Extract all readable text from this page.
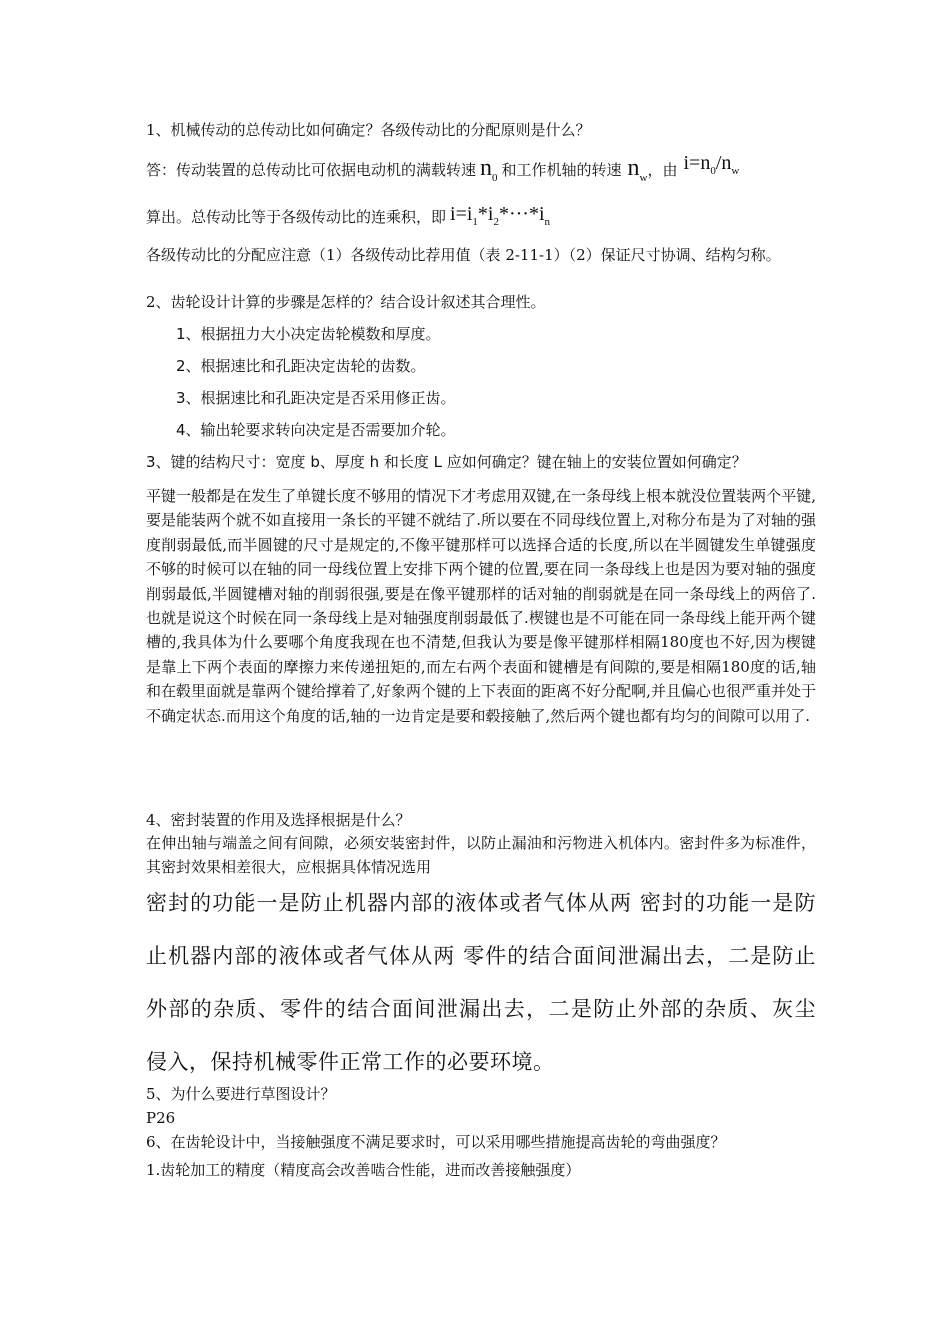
1、机械传动的总传动比如何确定？各级传动比的分配原则是什么？
答：传动装置的总传动比可依据电动机的满载转速 $n_0$ 和工作机轴的转速 $n_w$，由 $i=n_0/n_w$
算出。总传动比等于各级传动比的连乘积，即 $i=i_1*i_2*\cdot\cdot\cdot*i_n$
各级传动比的分配应注意（1）各级传动比荐用值（表 2-11-1）（2）保证尺寸协调、结构匀称。
2、齿轮设计计算的步骤是怎样的？结合设计叙述其合理性。
1、根据扭力大小决定齿轮模数和厚度。
2、根据速比和孔距决定齿轮的齿数。
3、根据速比和孔距决定是否采用修正齿。
4、输出轮要求转向决定是否需要加介轮。
3、键的结构尺寸：宽度 b、厚度 h 和长度 L 应如何确定？键在轴上的安装位置如何确定？
平键一般都是在发生了单键长度不够用的情况下才考虑用双键,在一条母线上根本就没位置装两个平键,要是能装两个就不如直接用一条长的平键不就结了.所以要在不同母线位置上,对称分布是为了对轴的强度削弱最低,而半圆键的尺寸是规定的,不像平键那样可以选择合适的长度,所以在半圆键发生单键强度不够的时候可以在轴的同一母线位置上安排下两个键的位置,要在同一条母线上也是因为要对轴的强度削弱最低,半圆键槽对轴的削弱很强,要是在像平键那样的话对轴的削弱就是在同一条母线上的两倍了.也就是说这个时候在同一条母线上是对轴强度削弱最低了.楔键也是不可能在同一条母线上能开两个键槽的,我具体为什么要哪个角度我现在也不清楚,但我认为要是像平键那样相隔180度也不好,因为楔键是靠上下两个表面的摩擦力来传递扭矩的,而左右两个表面和键槽是有间隙的,要是相隔180度的话,轴和在毂里面就是靠两个键给撑着了,好象两个键的上下表面的距离不好分配啊,并且偏心也很严重并处于不确定状态.而用这个角度的话,轴的一边肯定是要和毂接触了,然后两个键也都有均匀的间隙可以用了.
4、密封装置的作用及选择根据是什么？
在伸出轴与端盖之间有间隙，必须安装密封件，以防止漏油和污物进入机体内。密封件多为标准件，其密封效果相差很大，应根据具体情况选用
密封的功能一是防止机器内部的液体或者气体从两 密封的功能一是防止机器内部的液体或者气体从两 零件的结合面间泄漏出去，二是防止外部的杂质、零件的结合面间泄漏出去，二是防止外部的杂质、灰尘 侵入，保持机械零件正常工作的必要环境。
5、为什么要进行草图设计？
P26
6、在齿轮设计中，当接触强度不满足要求时，可以采用哪些措施提高齿轮的弯曲强度？
1.齿轮加工的精度（精度高会改善啮合性能，进而改善接触强度）
